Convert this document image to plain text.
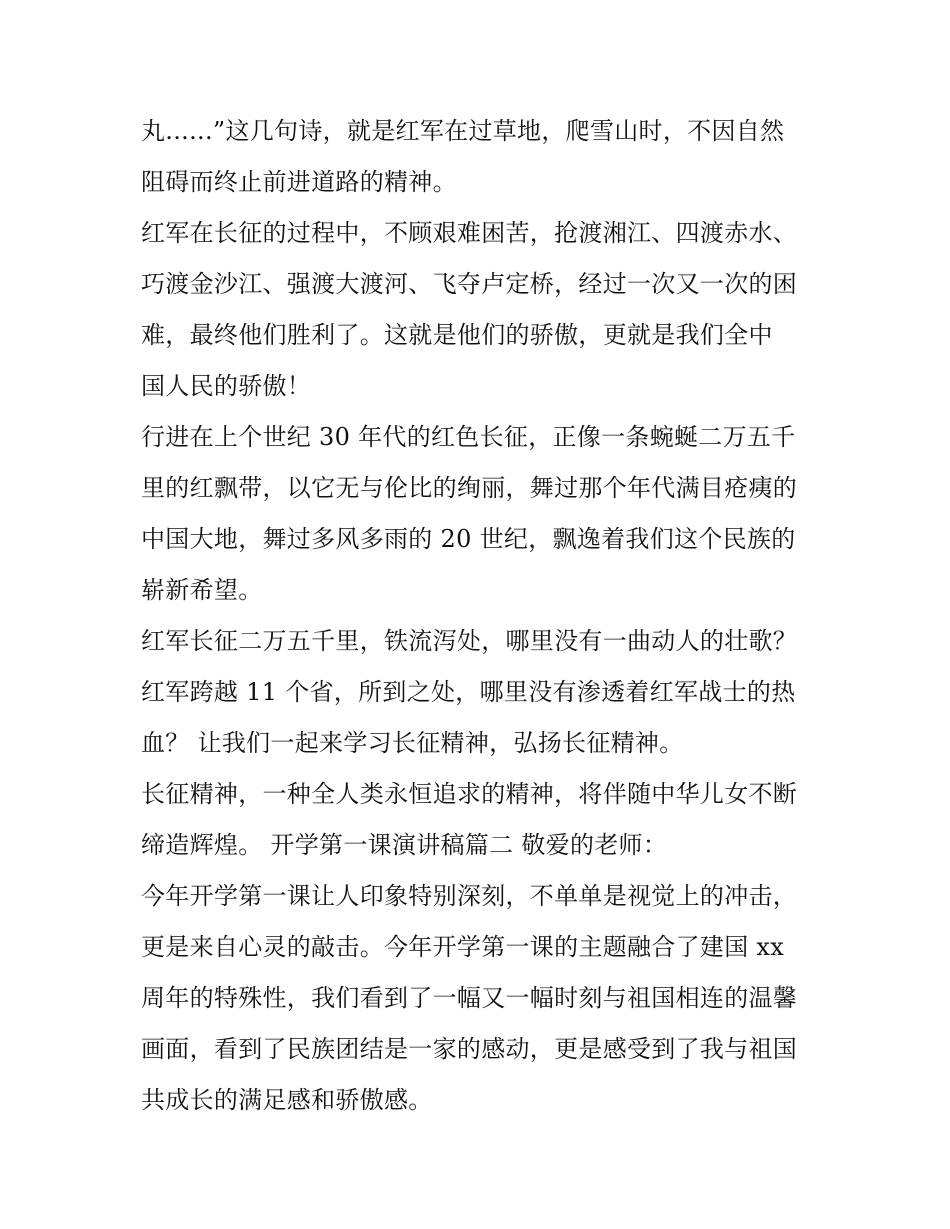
丸......”这几句诗，就是红军在过草地，爬雪山时，不因自然
阻碍而终止前进道路的精神。
红军在长征的过程中，不顾艰难困苦，抢渡湘江、四渡赤水、
巧渡金沙江、强渡大渡河、飞夺卢定桥，经过一次又一次的困
难，最终他们胜利了。这就是他们的骄傲，更就是我们全中
国人民的骄傲！
行进在上个世纪 30 年代的红色长征，正像一条蜿蜒二万五千
里的红飘带，以它无与伦比的绚丽，舞过那个年代满目疮痍的
中国大地，舞过多风多雨的 20 世纪，飘逸着我们这个民族的
崭新希望。
红军长征二万五千里，铁流泻处，哪里没有一曲动人的壮歌？
红军跨越 11 个省，所到之处，哪里没有渗透着红军战士的热
血？ 让我们一起来学习长征精神，弘扬长征精神。
长征精神，一种全人类永恒追求的精神，将伴随中华儿女不断
缔造辉煌。 开学第一课演讲稿篇二 敬爱的老师：
今年开学第一课让人印象特别深刻，不单单是视觉上的冲击，
更是来自心灵的敲击。今年开学第一课的主题融合了建国 xx
周年的特殊性，我们看到了一幅又一幅时刻与祖国相连的温馨
画面，看到了民族团结是一家的感动，更是感受到了我与祖国
共成长的满足感和骄傲感。
